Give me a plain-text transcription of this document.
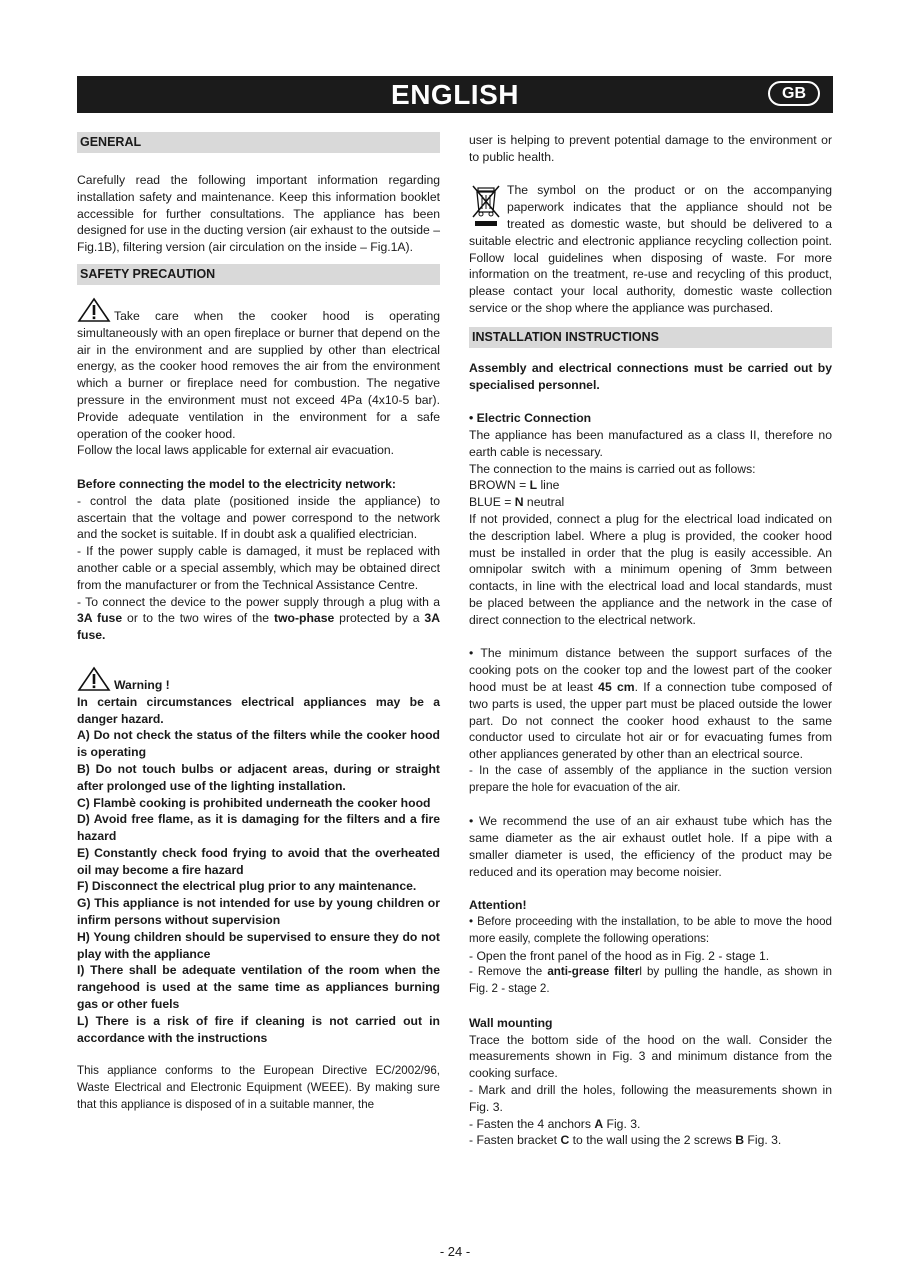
ENGLISH	GB
GENERAL

Carefully read the following important information regarding installation safety and maintenance. Keep this information booklet accessible for further consultations. The appliance has been designed for use in the ducting version (air exhaust to the outside – Fig.1B), filtering version (air circulation on the inside – Fig.1A).

SAFETY PRECAUTION

Take care when the cooker hood is operating simultaneously with an open fireplace or burner that depend on the air in the environment and are supplied by other than electrical energy, as the cooker hood removes the air from the environment which a burner or fireplace need for combustion. The negative pressure in the environment must not exceed 4Pa (4x10-5 bar). Provide adequate ventilation in the environment for a safe operation of the cooker hood.

Follow the local laws applicable for external air evacuation.

Before connecting the model to the electricity network:

- control the data plate (positioned inside the appliance) to ascertain that the voltage and power correspond to the network and the socket is suitable. If in doubt ask a qualified electrician.

- If the power supply cable is damaged, it must be replaced with another cable or a special assembly, which may be obtained direct from the manufacturer or from the Technical Assistance Centre.

- To connect the device to the power supply through a plug with a 3A fuse or to the two wires of the two-phase protected by a 3A fuse.

Warning !

In certain circumstances electrical appliances may be a danger hazard.

A) Do not check the status of the filters while the cooker hood is operating

B) Do not touch bulbs or adjacent areas, during or straight after prolonged use of the lighting installation.

C) Flambè cooking is prohibited underneath the cooker hood

D) Avoid free flame, as it is damaging for the filters and a fire hazard

E) Constantly check food frying to avoid that the overheated oil may become a fire hazard

F) Disconnect the electrical plug prior to any maintenance.

G) This appliance is not intended for use by young children or infirm persons without supervision

H) Young children should be supervised to ensure they do not play with the appliance

I) There shall be adequate ventilation of the room when the rangehood is used at the same time as appliances burning gas or other fuels

L) There is a risk of fire if cleaning is not carried out in accordance with the instructions

This appliance conforms to the European Directive EC/2002/96, Waste Electrical and Electronic Equipment (WEEE). By making sure that this appliance is disposed of in a suitable manner, the

user is helping to prevent potential damage to the environment or to public health.

The symbol on the product or on the accompanying paperwork indicates that the appliance should not be treated as domestic waste, but should be delivered to a suitable electric and electronic appliance recycling collection point. Follow local guidelines when disposing of waste. For more information on the treatment, re-use and recycling of this product, please contact your local authority, domestic waste collection service or the shop where the appliance was purchased.

INSTALLATION INSTRUCTIONS

Assembly and electrical connections must be carried out by specialised personnel.

• Electric Connection

The appliance has been manufactured as a class II, therefore no earth cable is necessary.

The connection to the mains is carried out as follows:

BROWN = L line

BLUE = N neutral

If not provided, connect a plug for the electrical load indicated on the description label. Where a plug is provided, the cooker hood must be installed in order that the plug is easily accessible. An omnipolar switch with a minimum opening of 3mm between contacts, in line with the electrical load and local standards, must be placed between the appliance and the network in the case of direct connection to the electrical network.

• The minimum distance between the support surfaces of the cooking pots on the cooker top and the lowest part of the cooker hood must be at least 45 cm. If a connection tube composed of two parts is used, the upper part must be placed outside the lower part. Do not connect the cooker hood exhaust to the same conductor used to circulate hot air or for evacuating fumes from other appliances generated by other than an electrical source.

- In the case of assembly of the appliance in the suction version prepare the hole for evacuation of the air.

• We recommend the use of an air exhaust tube which has the same diameter as the air exhaust outlet hole. If a pipe with a smaller diameter is used, the efficiency of the product may be reduced and its operation may become noisier.

Attention!

• Before proceeding with the installation, to be able to move the hood more easily, complete the following operations:

- Open the front panel of the hood as in Fig. 2 - stage 1.

- Remove the anti-grease filterl by pulling the handle, as shown in Fig. 2 - stage 2.

Wall mounting

Trace the bottom side of the hood on the wall. Consider the measurements shown in Fig. 3 and minimum distance from the cooking surface.

- Mark and drill the holes, following the measurements shown in Fig. 3.

- Fasten the 4 anchors A Fig. 3.

- Fasten bracket C to the wall using the 2 screws B Fig. 3.

- 24 -
